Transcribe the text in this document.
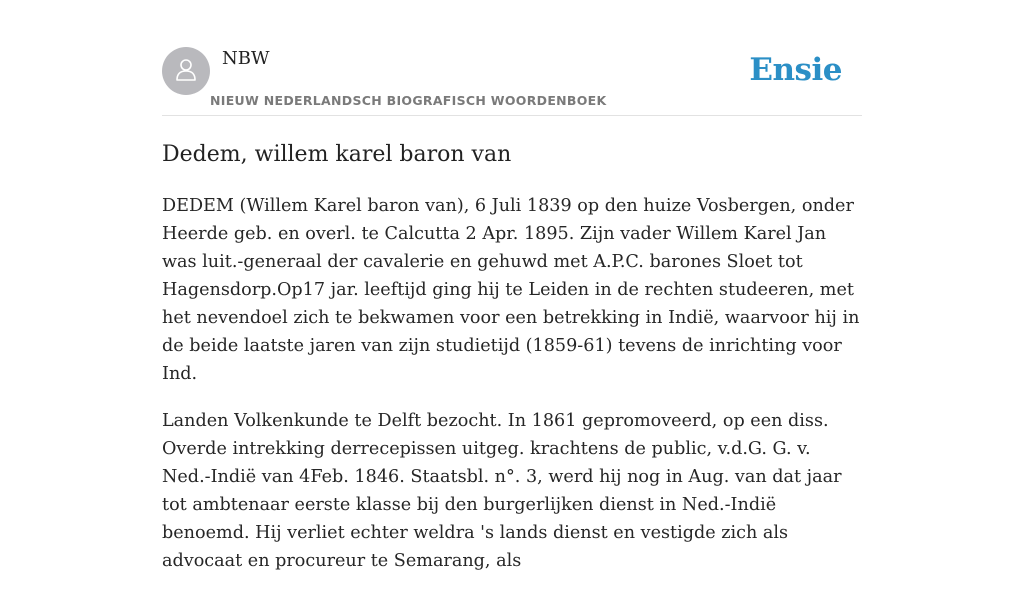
NBW
NIEUW NEDERLANDSCH BIOGRAFISCH WOORDENBOEK
Ensie
Dedem, willem karel baron van

DEDEM (Willem Karel baron van), 6 Juli 1839 op den huize Vosbergen, onder Heerde geb. en overl. te Calcutta 2 Apr. 1895. Zijn vader Willem Karel Jan was luit.-generaal der cavalerie en gehuwd met A.P.C. barones Sloet tot Hagensdorp.Op17 jar. leeftijd ging hij te Leiden in de rechten studeeren, met het nevendoel zich te bekwamen voor een betrekking in Indië, waarvoor hij in de beide laatste jaren van zijn studietijd (1859-61) tevens de inrichting voor Ind.

Landen Volkenkunde te Delft bezocht. In 1861 gepromoveerd, op een diss. Overde intrekking derrecepissen uitgeg. krachtens de public, v.d.G. G. v. Ned.-Indië van 4Feb. 1846. Staatsbl. n°. 3, werd hij nog in Aug. van dat jaar tot ambtenaar eerste klasse bij den burgerlijken dienst in Ned.-Indië benoemd. Hij verliet echter weldra 's lands dienst en vestigde zich als advocaat en procureur te Semarang, als
